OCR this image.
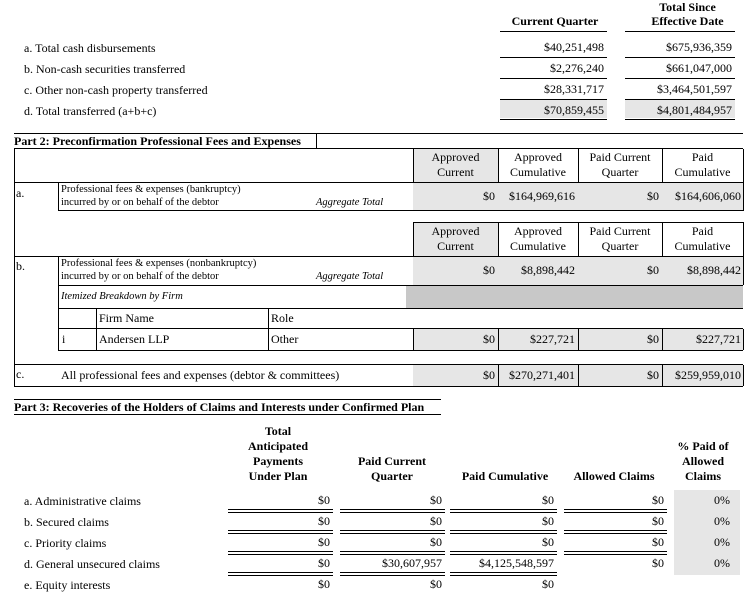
Current Quarter
Total Since
Effective Date
a. Total cash disbursements	$40,251,498	$675,936,359
b. Non-cash securities transferred	$2,276,240	$661,047,000
c. Other non-cash property transferred	$28,331,717	$3,464,501,597
d. Total transferred (a+b+c)	$70,859,455	$4,801,484,957
Part 2: Preconfirmation Professional Fees and Expenses
Approved
Current
Approved
Cumulative
Paid Current
Quarter
Paid
Cumulative
a.	Professional fees & expenses (bankruptcy)
incurred by or on behalf of the debtor	Aggregate Total	$0	$164,969,616	$0	$164,606,060
Approved
Current
Approved
Cumulative
Paid Current
Quarter
Paid
Cumulative
b.	Professional fees & expenses (nonbankruptcy)
incurred by or on behalf of the debtor	Aggregate Total	$0	$8,898,442	$0	$8,898,442
Itemized Breakdown by Firm
Firm Name	Role
i	Andersen LLP	Other	$0	$227,721	$0	$227,721
c.	All professional fees and expenses (debtor & committees)	$0	$270,271,401	$0	$259,959,010
Part 3: Recoveries of the Holders of Claims and Interests under Confirmed Plan
Total
Anticipated
Payments
Under Plan
Paid Current
Quarter	Paid Cumulative	Allowed Claims
% Paid of
Allowed
Claims
a. Administrative claims	$0	$0	$0	$0	0%
b. Secured claims	$0	$0	$0	$0	0%
c. Priority claims	$0	$0	$0	$0	0%
d. General unsecured claims	$0	$30,607,957	$4,125,548,597	$0	0%
e. Equity interests	$0	$0	$0
